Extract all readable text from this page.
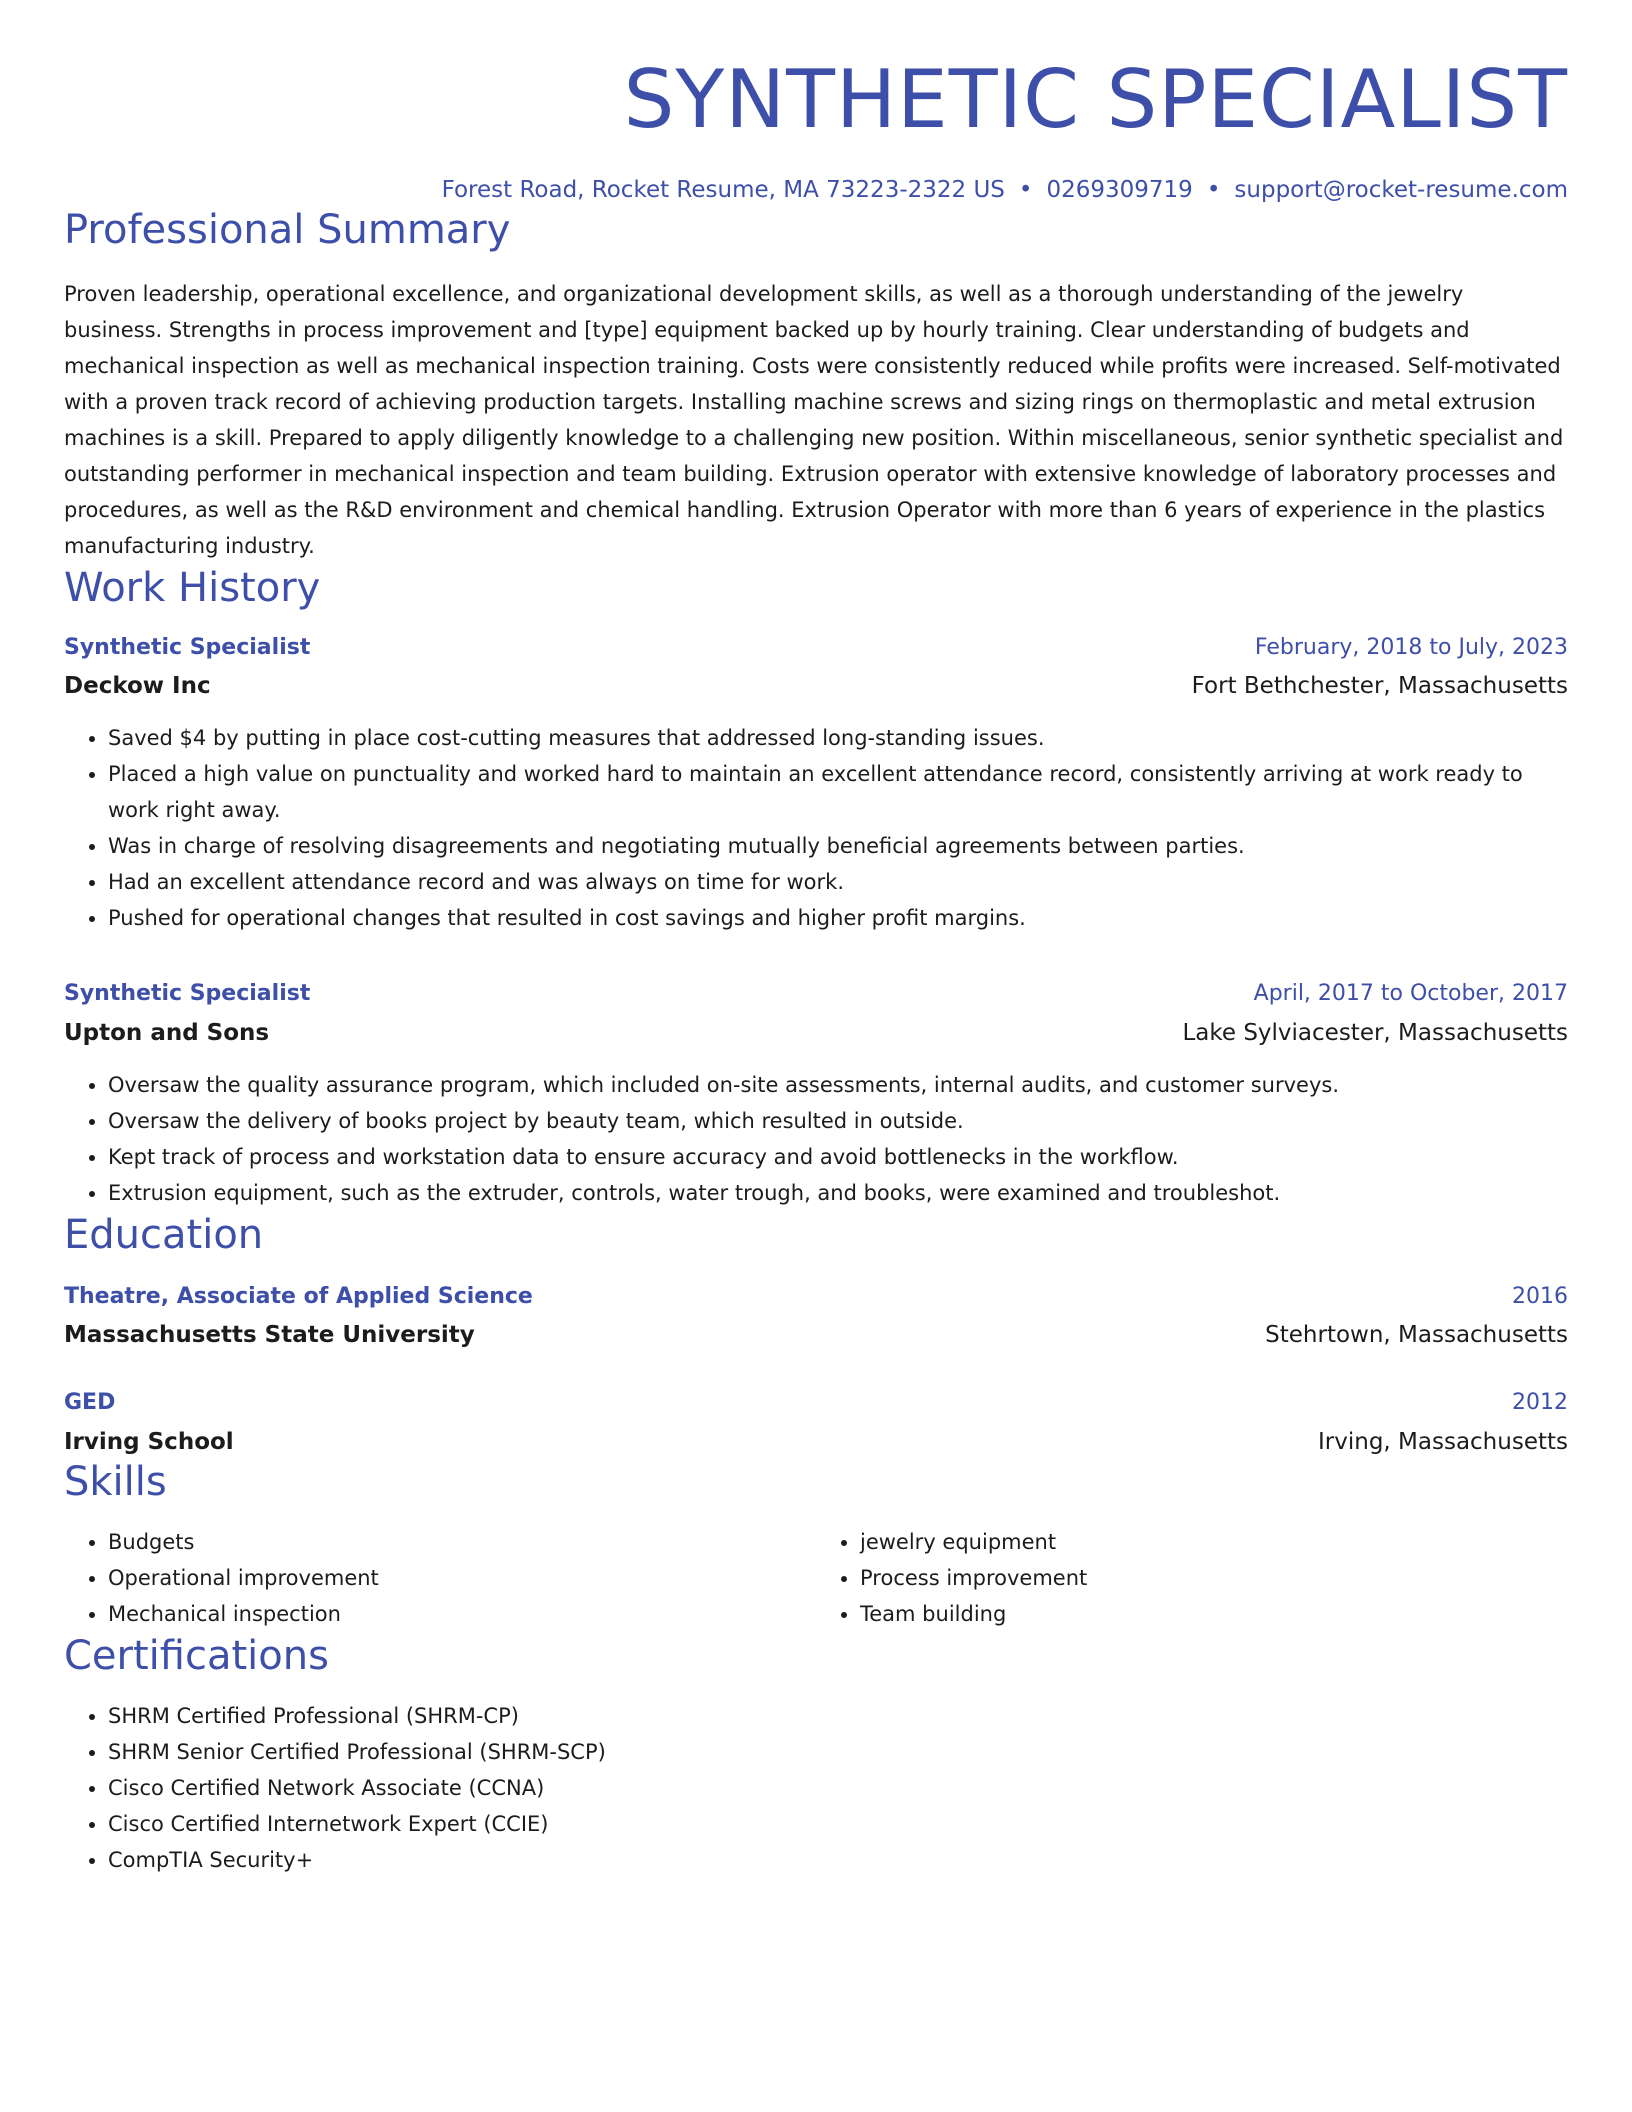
SYNTHETIC SPECIALIST
Forest Road, Rocket Resume, MA 73223-2322 US • 0269309719 • support@rocket-resume.com
Professional Summary
Proven leadership, operational excellence, and organizational development skills, as well as a thorough understanding of the jewelry business. Strengths in process improvement and [type] equipment backed up by hourly training. Clear understanding of budgets and mechanical inspection as well as mechanical inspection training. Costs were consistently reduced while profits were increased. Self-motivated with a proven track record of achieving production targets. Installing machine screws and sizing rings on thermoplastic and metal extrusion machines is a skill. Prepared to apply diligently knowledge to a challenging new position. Within miscellaneous, senior synthetic specialist and outstanding performer in mechanical inspection and team building. Extrusion operator with extensive knowledge of laboratory processes and procedures, as well as the R&D environment and chemical handling. Extrusion Operator with more than 6 years of experience in the plastics manufacturing industry.
Work History
Synthetic Specialist	February, 2018 to July, 2023
Deckow Inc	Fort Bethchester, Massachusetts
• Saved $4 by putting in place cost-cutting measures that addressed long-standing issues.
• Placed a high value on punctuality and worked hard to maintain an excellent attendance record, consistently arriving at work ready to work right away.
• Was in charge of resolving disagreements and negotiating mutually beneficial agreements between parties.
• Had an excellent attendance record and was always on time for work.
• Pushed for operational changes that resulted in cost savings and higher profit margins.
Synthetic Specialist	April, 2017 to October, 2017
Upton and Sons	Lake Sylviacester, Massachusetts
• Oversaw the quality assurance program, which included on-site assessments, internal audits, and customer surveys.
• Oversaw the delivery of books project by beauty team, which resulted in outside.
• Kept track of process and workstation data to ensure accuracy and avoid bottlenecks in the workflow.
• Extrusion equipment, such as the extruder, controls, water trough, and books, were examined and troubleshot.
Education
Theatre, Associate of Applied Science	2016
Massachusetts State University	Stehrtown, Massachusetts
GED	2012
Irving School	Irving, Massachusetts
Skills
• Budgets
• Operational improvement
• Mechanical inspection
• jewelry equipment
• Process improvement
• Team building
Certifications
• SHRM Certified Professional (SHRM-CP)
• SHRM Senior Certified Professional (SHRM-SCP)
• Cisco Certified Network Associate (CCNA)
• Cisco Certified Internetwork Expert (CCIE)
• CompTIA Security+
